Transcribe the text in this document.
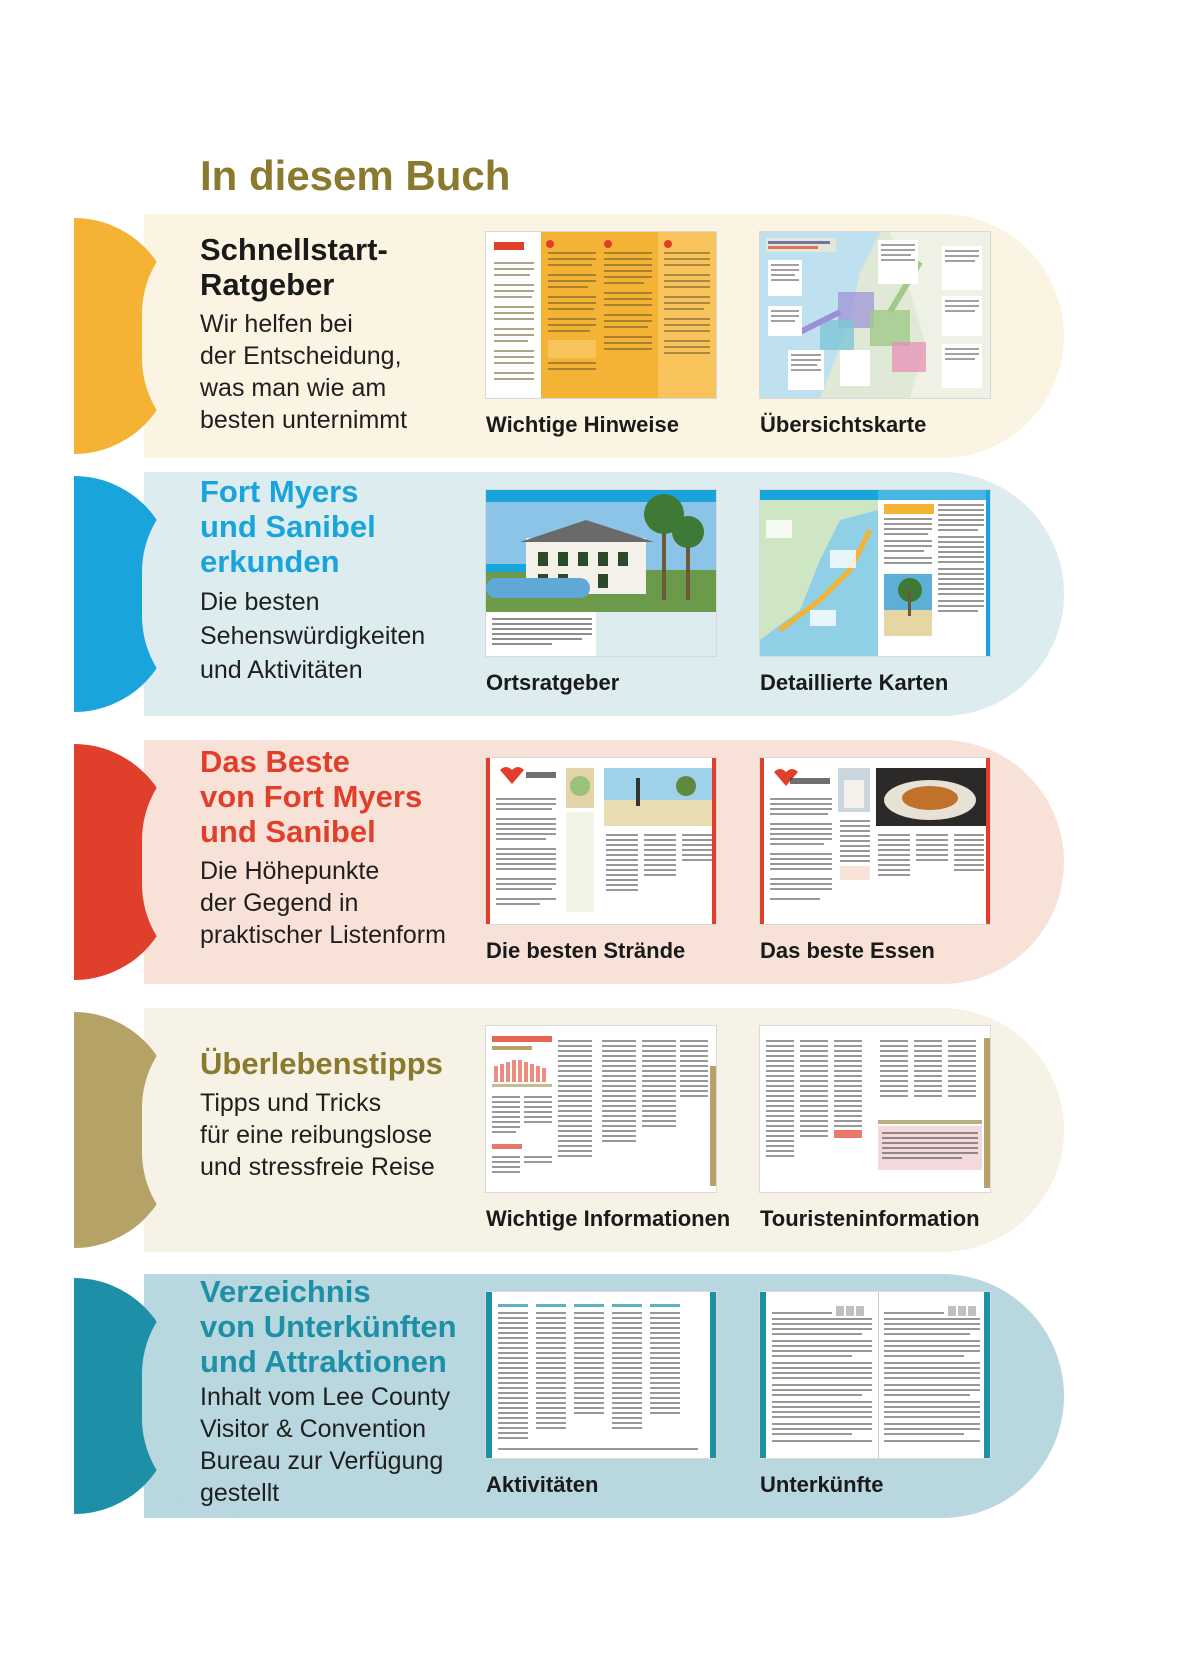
In diesem Buch
Schnellstart-
Ratgeber
Wir helfen bei
der Entscheidung,
was man wie am
besten unternimmt	Wichtige Hinweise	Übersichtskarte
Fort Myers
und Sanibel
erkunden
Die besten
Sehenswürdigkeiten
und Aktivitäten	Ortsratgeber	Detaillierte Karten
Das Beste
von Fort Myers
und Sanibel
Die Höhepunkte
der Gegend in
praktischer Listenform
Die besten Strände	Das beste Essen
Überlebenstipps
Tipps und Tricks
für eine reibungslose
und stressfreie Reise
Wichtige Informationen Touristeninformation
Verzeichnis
von Unterkünften
und Attraktionen
Inhalt vom Lee County
Visitor & Convention
Bureau zur Verfügung
gestellt	Aktivitäten	Unterkünfte
